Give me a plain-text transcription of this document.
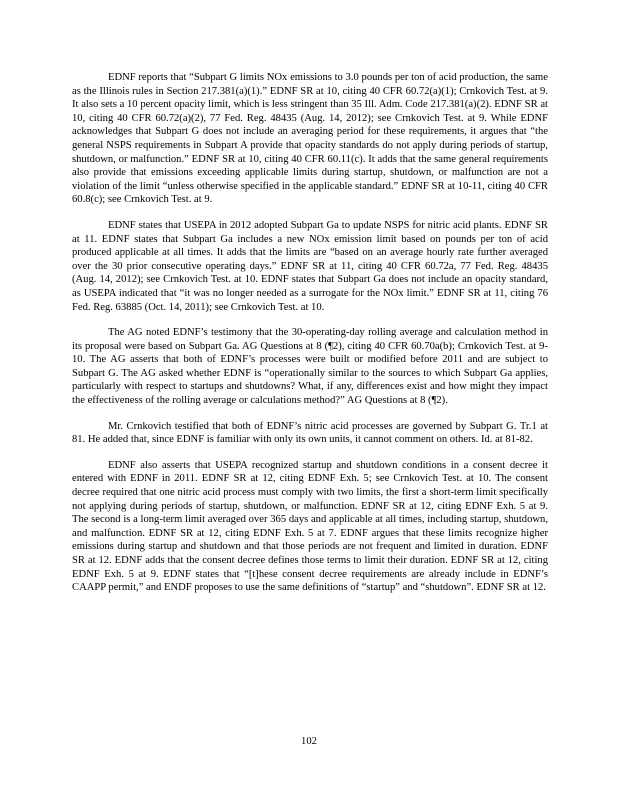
EDNF reports that “Subpart G limits NOx emissions to 3.0 pounds per ton of acid production, the same as the Illinois rules in Section 217.381(a)(1).” EDNF SR at 10, citing 40 CFR 60.72(a)(1); Crnkovich Test. at 9. It also sets a 10 percent opacity limit, which is less stringent than 35 Ill. Adm. Code 217.381(a)(2). EDNF SR at 10, citing 40 CFR 60.72(a)(2), 77 Fed. Reg. 48435 (Aug. 14, 2012); see Crnkovich Test. at 9. While EDNF acknowledges that Subpart G does not include an averaging period for these requirements, it argues that “the general NSPS requirements in Subpart A provide that opacity standards do not apply during periods of startup, shutdown, or malfunction.” EDNF SR at 10, citing 40 CFR 60.11(c). It adds that the same general requirements also provide that emissions exceeding applicable limits during startup, shutdown, or malfunction are not a violation of the limit “unless otherwise specified in the applicable standard.” EDNF SR at 10-11, citing 40 CFR 60.8(c); see Crnkovich Test. at 9.

EDNF states that USEPA in 2012 adopted Subpart Ga to update NSPS for nitric acid plants. EDNF SR at 11. EDNF states that Subpart Ga includes a new NOx emission limit based on pounds per ton of acid produced applicable at all times. It adds that the limits are “based on an average hourly rate further averaged over the 30 prior consecutive operating days.” EDNF SR at 11, citing 40 CFR 60.72a, 77 Fed. Reg. 48435 (Aug. 14, 2012); see Crnkovich Test. at 10. EDNF states that Subpart Ga does not include an opacity standard, as USEPA indicated that “it was no longer needed as a surrogate for the NOx limit.” EDNF SR at 11, citing 76 Fed. Reg. 63885 (Oct. 14, 2011); see Crnkovich Test. at 10.

The AG noted EDNF’s testimony that the 30-operating-day rolling average and calculation method in its proposal were based on Subpart Ga. AG Questions at 8 (¶2), citing 40 CFR 60.70a(b); Crnkovich Test. at 9-10. The AG asserts that both of EDNF’s processes were built or modified before 2011 and are subject to Subpart G. The AG asked whether EDNF is “operationally similar to the sources to which Subpart Ga applies, particularly with respect to startups and shutdowns? What, if any, differences exist and how might they impact the effectiveness of the rolling average or calculations method?” AG Questions at 8 (¶2).

Mr. Crnkovich testified that both of EDNF’s nitric acid processes are governed by Subpart G. Tr.1 at 81. He added that, since EDNF is familiar with only its own units, it cannot comment on others. Id. at 81-82.

EDNF also asserts that USEPA recognized startup and shutdown conditions in a consent decree it entered with EDNF in 2011. EDNF SR at 12, citing EDNF Exh. 5; see Crnkovich Test. at 10. The consent decree required that one nitric acid process must comply with two limits, the first a short-term limit specifically not applying during periods of startup, shutdown, or malfunction. EDNF SR at 12, citing EDNF Exh. 5 at 9. The second is a long-term limit averaged over 365 days and applicable at all times, including startup, shutdown, and malfunction. EDNF SR at 12, citing EDNF Exh. 5 at 7. EDNF argues that these limits recognize higher emissions during startup and shutdown and that those periods are not frequent and limited in duration. EDNF SR at 12. EDNF adds that the consent decree defines those terms to limit their duration. EDNF SR at 12, citing EDNF Exh. 5 at 9. EDNF states that “[t]hese consent decree requirements are already include in EDNF’s CAAPP permit,” and ENDF proposes to use the same definitions of “startup” and “shutdown”. EDNF SR at 12.

102
